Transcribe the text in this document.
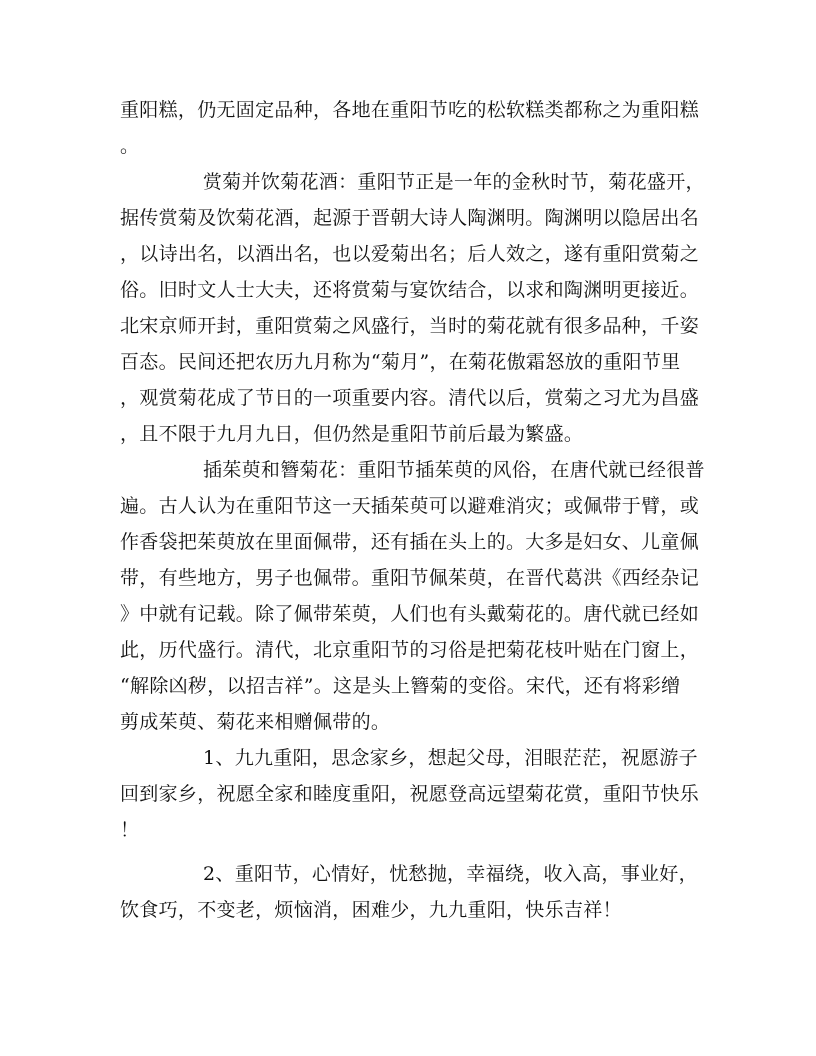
重阳糕，仍无固定品种，各地在重阳节吃的松软糕类都称之为重阳糕
。
赏菊并饮菊花酒：重阳节正是一年的金秋时节，菊花盛开，
据传赏菊及饮菊花酒，起源于晋朝大诗人陶渊明。陶渊明以隐居出名
，以诗出名，以酒出名，也以爱菊出名；后人效之，遂有重阳赏菊之
俗。旧时文人士大夫，还将赏菊与宴饮结合，以求和陶渊明更接近。
北宋京师开封，重阳赏菊之风盛行，当时的菊花就有很多品种，千姿
百态。民间还把农历九月称为“菊月”，在菊花傲霜怒放的重阳节里
，观赏菊花成了节日的一项重要内容。清代以后，赏菊之习尤为昌盛
，且不限于九月九日，但仍然是重阳节前后最为繁盛。
插茱萸和簪菊花：重阳节插茱萸的风俗，在唐代就已经很普
遍。古人认为在重阳节这一天插茱萸可以避难消灾；或佩带于臂，或
作香袋把茱萸放在里面佩带，还有插在头上的。大多是妇女、儿童佩
带，有些地方，男子也佩带。重阳节佩茱萸，在晋代葛洪《西经杂记
》中就有记载。除了佩带茱萸，人们也有头戴菊花的。唐代就已经如
此，历代盛行。清代，北京重阳节的习俗是把菊花枝叶贴在门窗上，
“解除凶秽，以招吉祥”。这是头上簪菊的变俗。宋代，还有将彩缯
剪成茱萸、菊花来相赠佩带的。
1、九九重阳，思念家乡，想起父母，泪眼茫茫，祝愿游子
回到家乡，祝愿全家和睦度重阳，祝愿登高远望菊花赏，重阳节快乐
！
2、重阳节，心情好，忧愁抛，幸福绕，收入高，事业好，
饮食巧，不变老，烦恼消，困难少，九九重阳，快乐吉祥！
